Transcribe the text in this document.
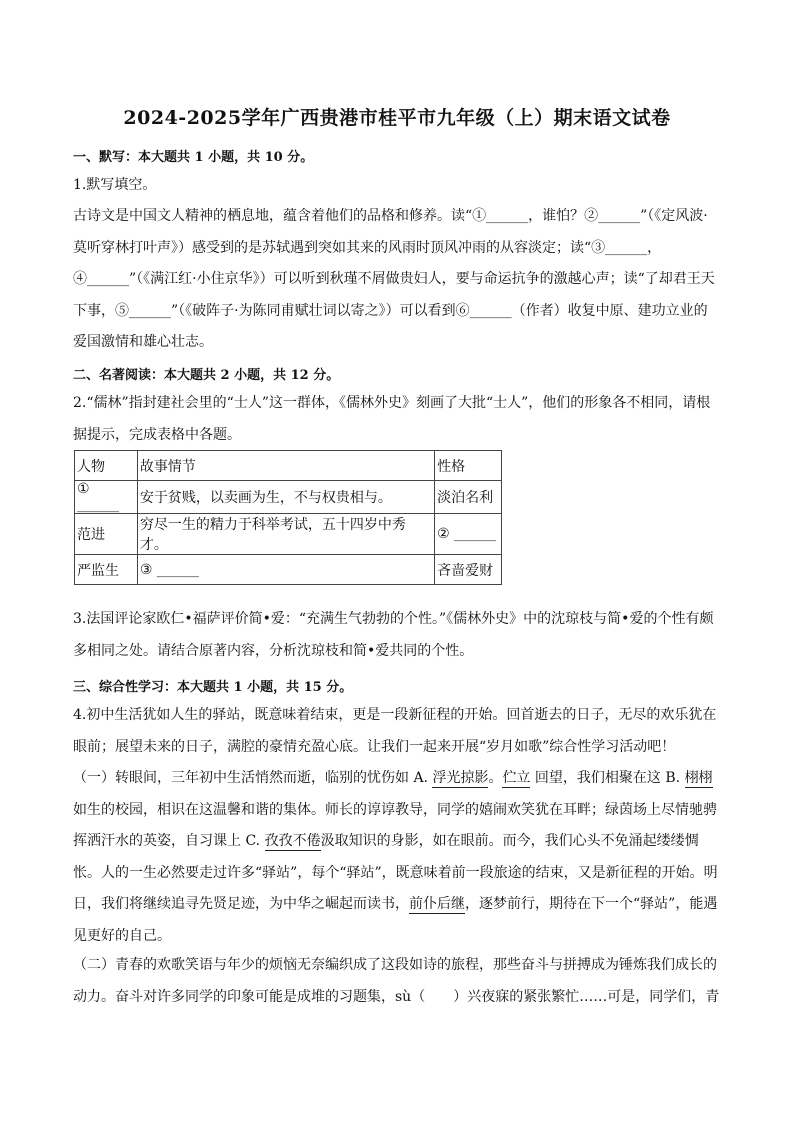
2024-2025学年广西贵港市桂平市九年级（上）期末语文试卷
一、默写：本大题共 1 小题，共 10 分。
1.默写填空。
古诗文是中国文人精神的栖息地，蕴含着他们的品格和修养。读“①______，谁怕？②______”（《定风波·莫听穿林打叶声》）感受到的是苏轼遇到突如其来的风雨时顶风冲雨的从容淡定；读“③______，④______”（《满江红·小住京华》）可以听到秋瑾不屑做贵妇人，要与命运抗争的激越心声；读“了却君王天下事，⑤______”（《破阵子·为陈同甫赋壮词以寄之》）可以看到⑥______（作者）收复中原、建功立业的爱国激情和雄心壮志。
二、名著阅读：本大题共 2 小题，共 12 分。
2.“儒林”指封建社会里的“士人”这一群体，《儒林外史》刻画了大批“士人”，他们的形象各不相同，请根据提示，完成表格中各题。
人物	故事情节	性格
① ______	安于贫贱，以卖画为生，不与权贵相与。	淡泊名利
范进	穷尽一生的精力于科举考试，五十四岁中秀才。	② ______
严监生	③ ______	吝啬爱财
3.法国评论家欧仁•福萨评价简•爱：“充满生气勃勃的个性。”《儒林外史》中的沈琼枝与简•爱的个性有颇多相同之处。请结合原著内容，分析沈琼枝和简•爱共同的个性。
三、综合性学习：本大题共 1 小题，共 15 分。
4.初中生活犹如人生的驿站，既意味着结束，更是一段新征程的开始。回首逝去的日子，无尽的欢乐犹在眼前；展望未来的日子，满腔的豪情充盈心底。让我们一起来开展“岁月如歌”综合性学习活动吧！
（一）转眼间，三年初中生活悄然而逝，临别的忧伤如 A. 浮光掠影。伫立 回望，我们相聚在这 B. 栩栩如生的校园，相识在这温馨和谐的集体。师长的谆谆教导，同学的嬉闹欢笑犹在耳畔；绿茵场上尽情驰骋挥洒汗水的英姿，自习课上 C. 孜孜不倦汲取知识的身影，如在眼前。而今，我们心头不免涌起缕缕惆怅。人的一生必然要走过许多“驿站”，每个“驿站”，既意味着前一段旅途的结束，又是新征程的开始。明日，我们将继续追寻先贤足迹，为中华之崛起而读书，前仆后继，逐梦前行，期待在下一个“驿站”，能遇见更好的自己。
（二）青春的欢歌笑语与年少的烦恼无奈编织成了这段如诗的旅程，那些奋斗与拼搏成为锤炼我们成长的动力。奋斗对许多同学的印象可能是成堆的习题集，sù（　　）兴夜寐的紧张繁忙……可是，同学们，青
